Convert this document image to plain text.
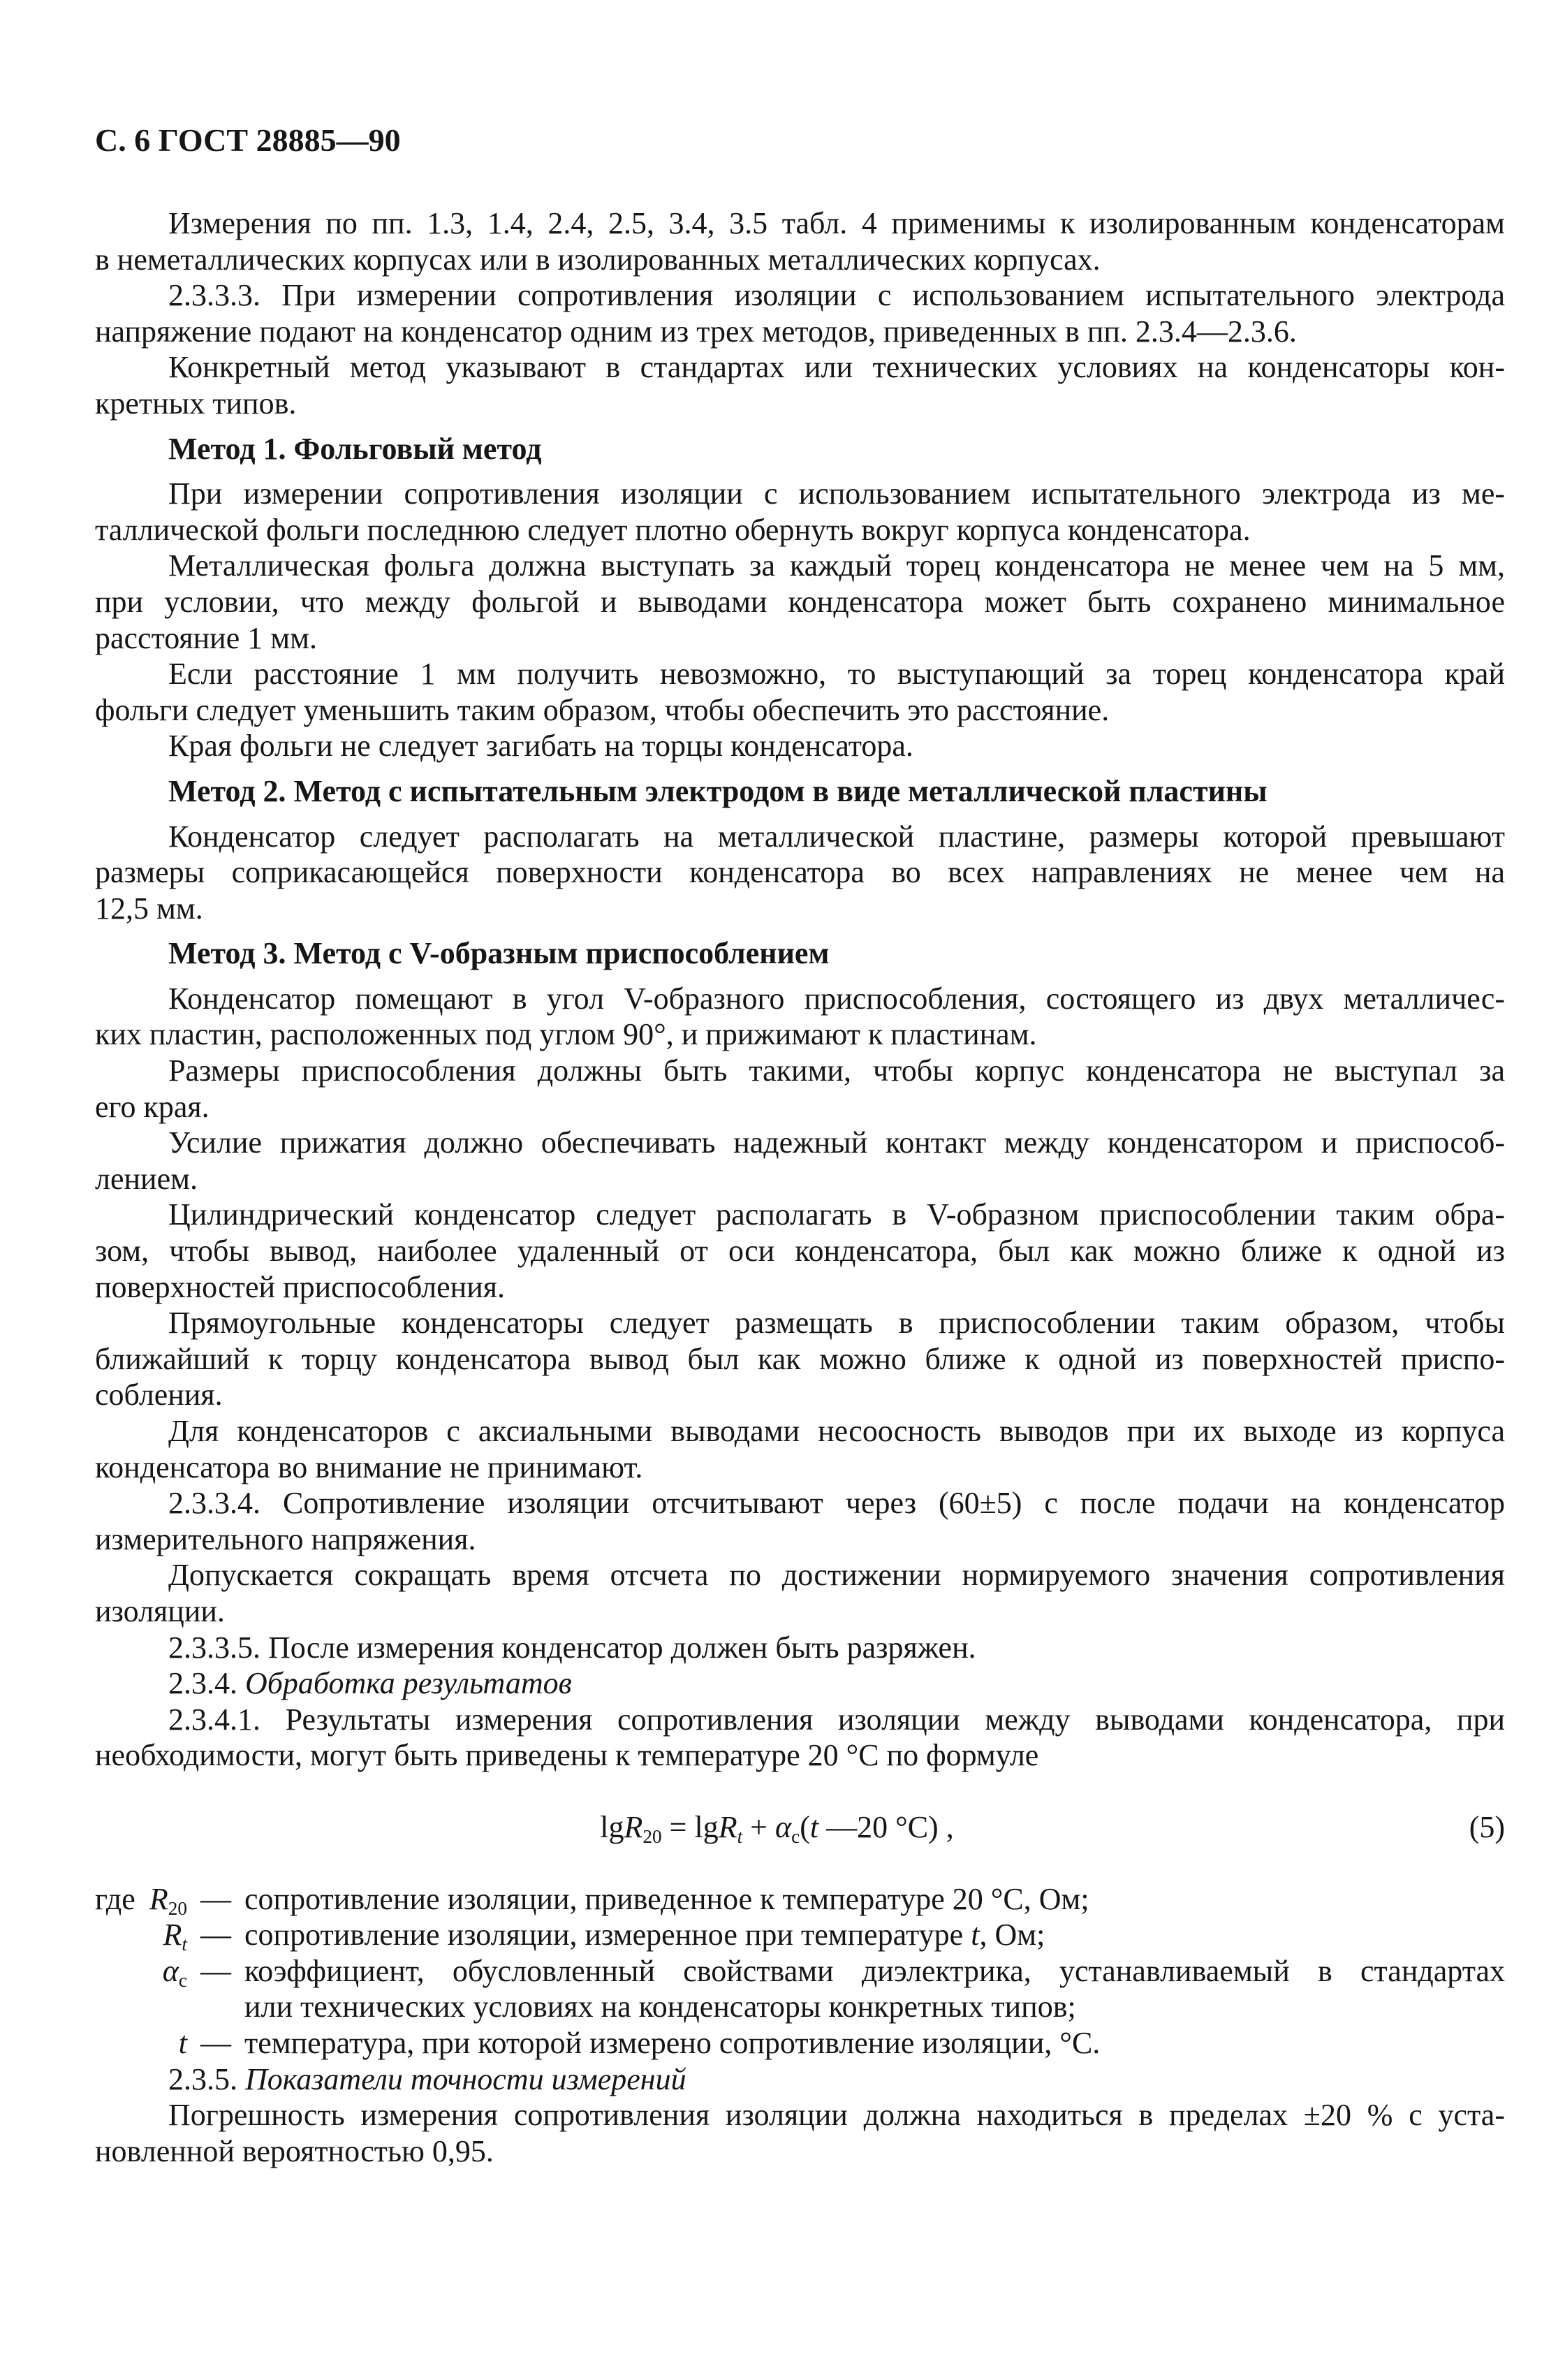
С. 6 ГОСТ 28885—90
Измерения по пп. 1.3, 1.4, 2.4, 2.5, 3.4, 3.5 табл. 4 применимы к изолированным конденсаторам
в неметаллических корпусах или в изолированных металлических корпусах.
2.3.3.3. При измерении сопротивления изоляции с использованием испытательного электрода
напряжение подают на конденсатор одним из трех методов, приведенных в пп. 2.3.4—2.3.6.
Конкретный метод указывают в стандартах или технических условиях на конденсаторы кон-
кретных типов.
Метод 1. Фольговый метод
При измерении сопротивления изоляции с использованием испытательного электрода из ме-
таллической фольги последнюю следует плотно обернуть вокруг корпуса конденсатора.
Металлическая фольга должна выступать за каждый торец конденсатора не менее чем на 5 мм,
при условии, что между фольгой и выводами конденсатора может быть сохранено минимальное
расстояние 1 мм.
Если расстояние 1 мм получить невозможно, то выступающий за торец конденсатора край
фольги следует уменьшить таким образом, чтобы обеспечить это расстояние.
Края фольги не следует загибать на торцы конденсатора.
Метод 2. Метод с испытательным электродом в виде металлической пластины
Конденсатор следует располагать на металлической пластине, размеры которой превышают
размеры соприкасающейся поверхности конденсатора во всех направлениях не менее чем на
12,5 мм.
Метод 3. Метод с V-образным приспособлением
Конденсатор помещают в угол V-образного приспособления, состоящего из двух металличес-
ких пластин, расположенных под углом 90°, и прижимают к пластинам.
Размеры приспособления должны быть такими, чтобы корпус конденсатора не выступал за
его края.
Усилие прижатия должно обеспечивать надежный контакт между конденсатором и приспособ-
лением.
Цилиндрический конденсатор следует располагать в V-образном приспособлении таким обра-
зом, чтобы вывод, наиболее удаленный от оси конденсатора, был как можно ближе к одной из
поверхностей приспособления.
Прямоугольные конденсаторы следует размещать в приспособлении таким образом, чтобы
ближайший к торцу конденсатора вывод был как можно ближе к одной из поверхностей приспо-
собления.
Для конденсаторов с аксиальными выводами несоосность выводов при их выходе из корпуса
конденсатора во внимание не принимают.
2.3.3.4. Сопротивление изоляции отсчитывают через (60±5) с после подачи на конденсатор
измерительного напряжения.
Допускается сокращать время отсчета по достижении нормируемого значения сопротивления
изоляции.
2.3.3.5. После измерения конденсатор должен быть разряжен.
2.3.4. Обработка результатов
2.3.4.1. Результаты измерения сопротивления изоляции между выводами конденсатора, при
необходимости, могут быть приведены к температуре 20 °С по формуле
$\lg R_{20} = \lg R_t + \alpha_c(t$ —20 °C) ,	(5)
где $R_{20}$ — сопротивление изоляции, приведенное к температуре 20 °С, Ом;
$R_t$ — сопротивление изоляции, измеренное при температуре t, Ом;
$\alpha_c$ — коэффициент, обусловленный свойствами диэлектрика, устанавливаемый в стандартах
или технических условиях на конденсаторы конкретных типов;
t — температура, при которой измерено сопротивление изоляции, °С.
2.3.5. Показатели точности измерений
Погрешность измерения сопротивления изоляции должна находиться в пределах ±20 % с уста-
новленной вероятностью 0,95.
